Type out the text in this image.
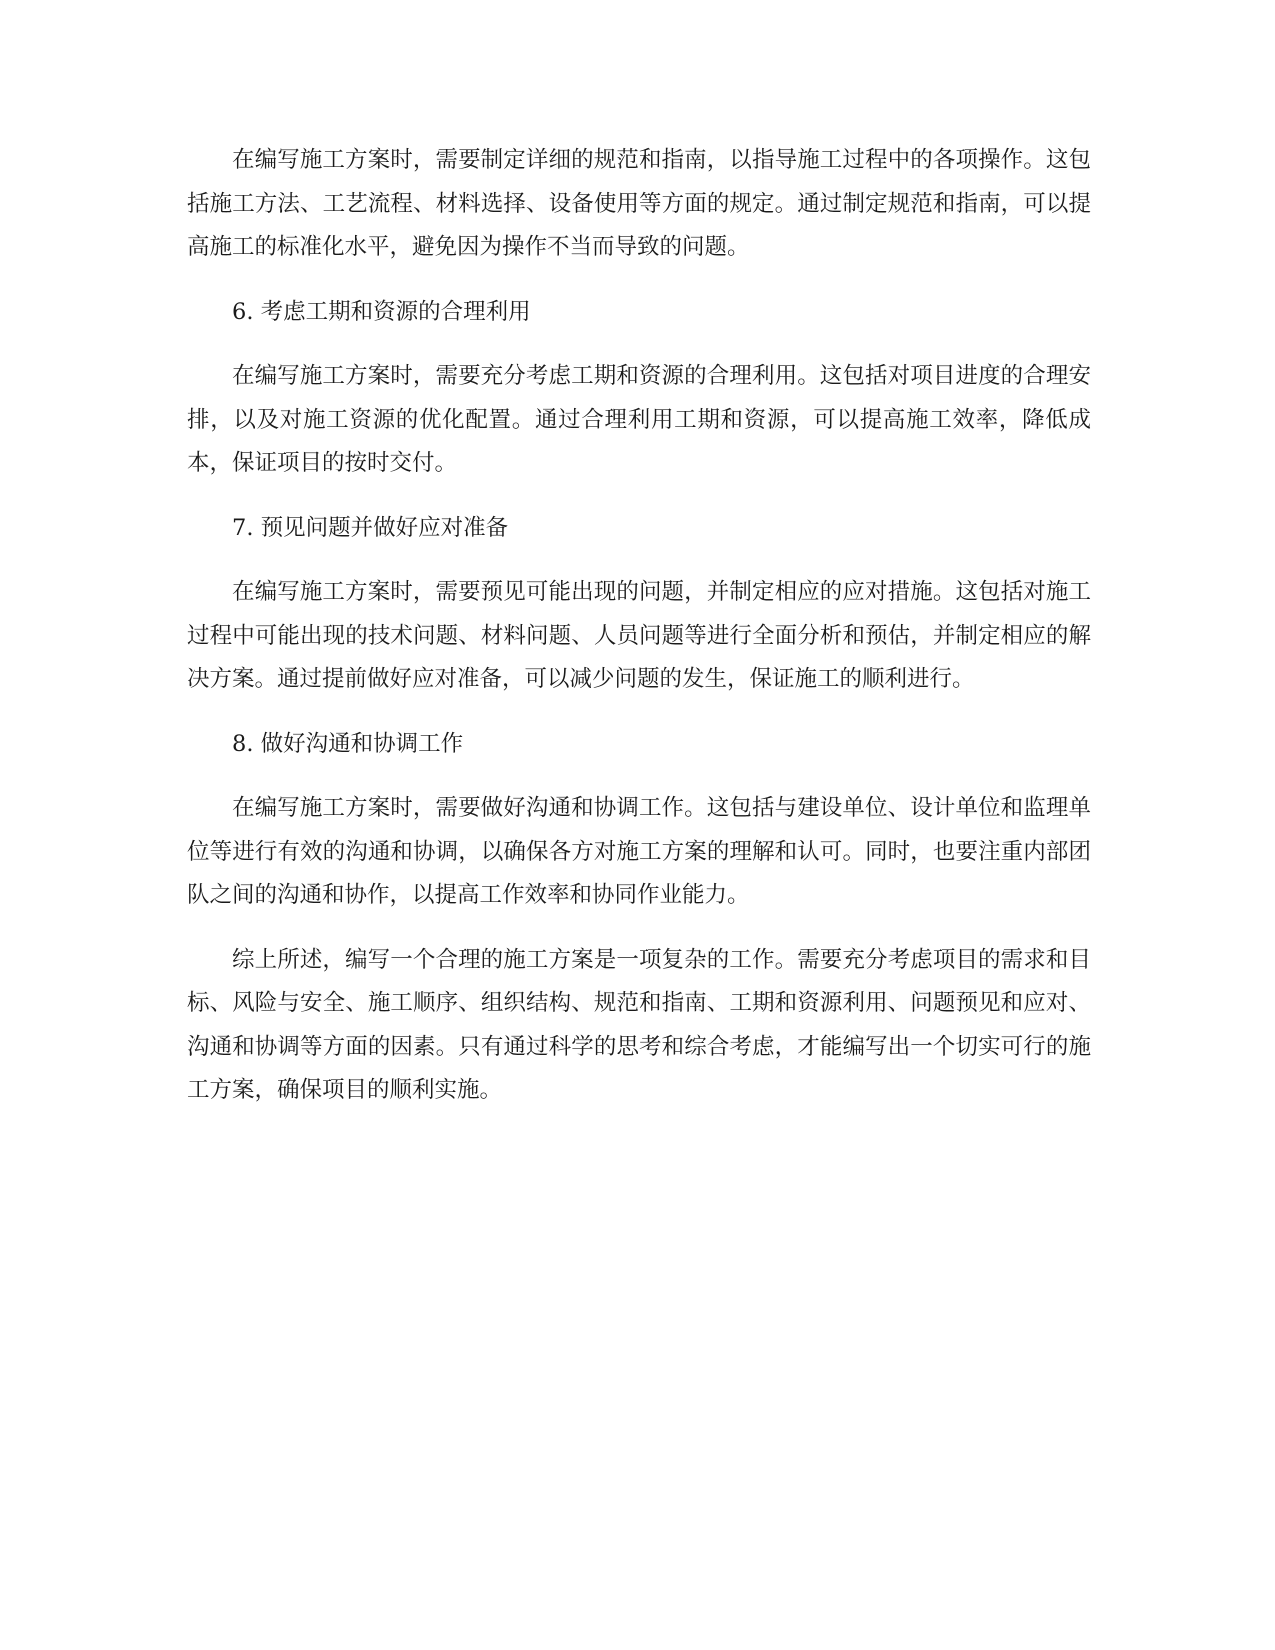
在编写施工方案时，需要制定详细的规范和指南，以指导施工过程中的各项操作。这包括施工方法、工艺流程、材料选择、设备使用等方面的规定。通过制定规范和指南，可以提高施工的标准化水平，避免因为操作不当而导致的问题。

6. 考虑工期和资源的合理利用

在编写施工方案时，需要充分考虑工期和资源的合理利用。这包括对项目进度的合理安排，以及对施工资源的优化配置。通过合理利用工期和资源，可以提高施工效率，降低成本，保证项目的按时交付。

7. 预见问题并做好应对准备

在编写施工方案时，需要预见可能出现的问题，并制定相应的应对措施。这包括对施工过程中可能出现的技术问题、材料问题、人员问题等进行全面分析和预估，并制定相应的解决方案。通过提前做好应对准备，可以减少问题的发生，保证施工的顺利进行。

8. 做好沟通和协调工作

在编写施工方案时，需要做好沟通和协调工作。这包括与建设单位、设计单位和监理单位等进行有效的沟通和协调，以确保各方对施工方案的理解和认可。同时，也要注重内部团队之间的沟通和协作，以提高工作效率和协同作业能力。

综上所述，编写一个合理的施工方案是一项复杂的工作。需要充分考虑项目的需求和目标、风险与安全、施工顺序、组织结构、规范和指南、工期和资源利用、问题预见和应对、沟通和协调等方面的因素。只有通过科学的思考和综合考虑，才能编写出一个切实可行的施工方案，确保项目的顺利实施。
